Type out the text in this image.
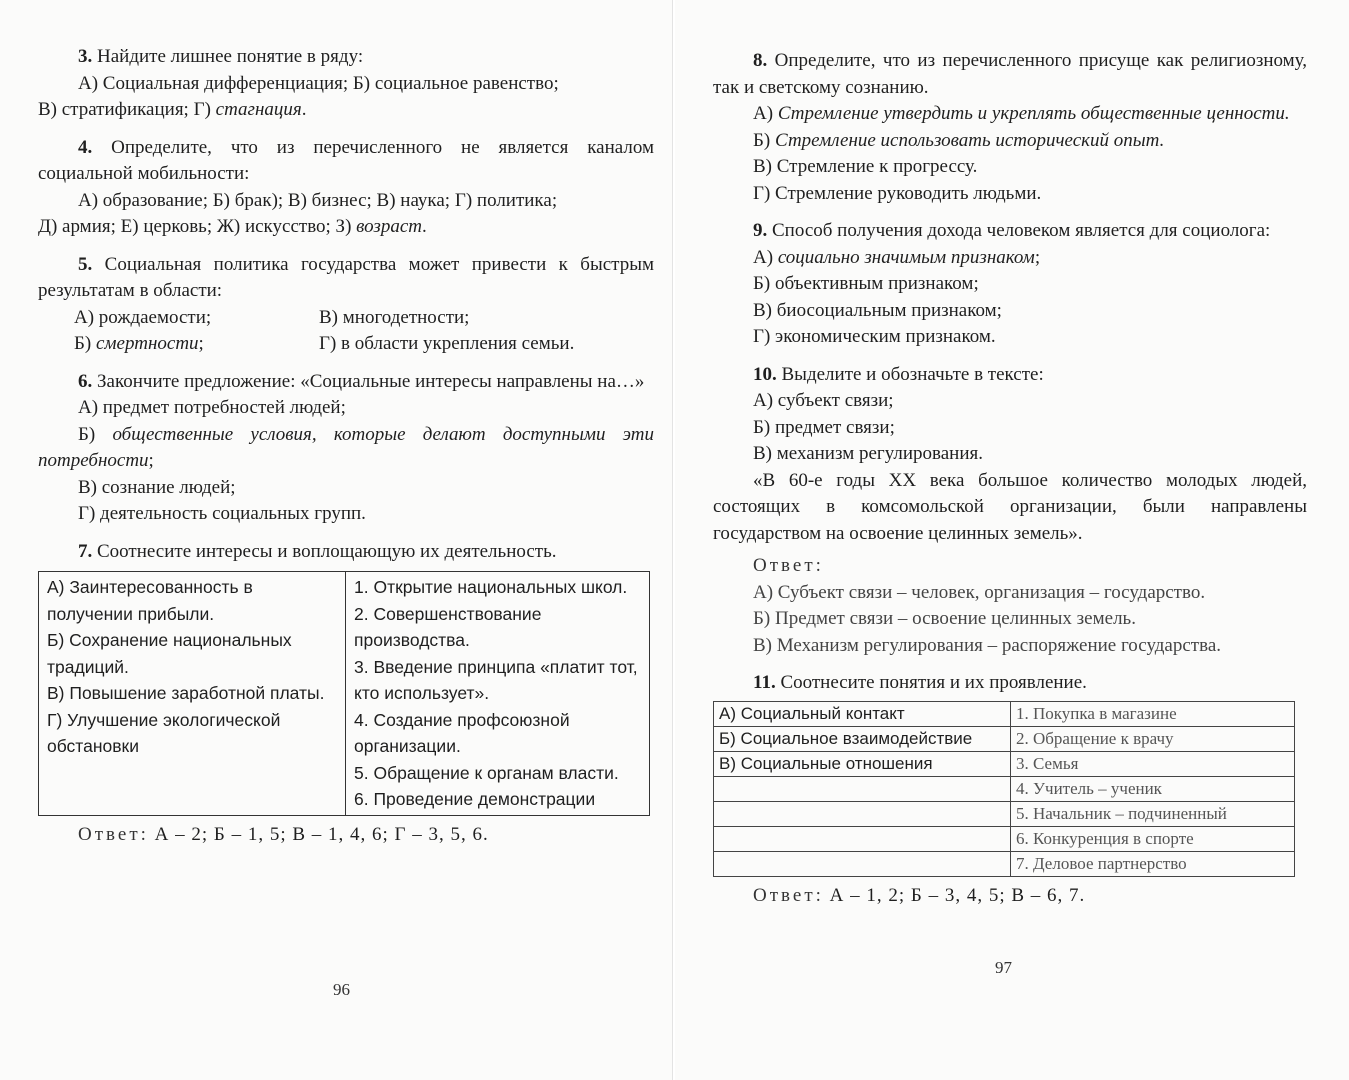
3. Найдите лишнее понятие в ряду:

А) Социальная дифференциация; Б) социальное равенство;

В) стратификация; Г) стагнация.

4. Определите, что из перечисленного не является каналом социальной мобильности:

А) образование; Б) брак); В) бизнес; В) наука; Г) политика;

Д) армия; Е) церковь; Ж) искусство; З) возраст.

5. Социальная политика государства может привести к быстрым результатам в области:

А) рождаемости;
Б) смертности;
В) многодетности;
Г) в области укрепления семьи.

6. Закончите предложение: «Социальные интересы направлены на…»

А) предмет потребностей людей;

Б) общественные условия, которые делают доступными эти потребности;

В) сознание людей;

Г) деятельность социальных групп.

7. Соотнесите интересы и воплощающую их деятельность.

А) Заинтересованность в получении прибыли.
Б) Сохранение национальных традиций.
В) Повышение заработной платы.
Г) Улучшение экологической обстановки

1. Открытие национальных школ.
2. Совершенствование производства.
3. Введение принципа «платит тот, кто использует».
4. Создание профсоюзной организации.
5. Обращение к органам власти.
6. Проведение демонстрации

Ответ: А – 2; Б – 1, 5; В – 1, 4, 6; Г – 3, 5, 6.

96

8. Определите, что из перечисленного присуще как религиозному, так и светскому сознанию.

А) Стремление утвердить и укреплять общественные ценности.

Б) Стремление использовать исторический опыт.

В) Стремление к прогрессу.

Г) Стремление руководить людьми.

9. Способ получения дохода человеком является для социолога:

А) социально значимым признаком;

Б) объективным признаком;

В) биосоциальным признаком;

Г) экономическим признаком.

10. Выделите и обозначьте в тексте:

А) субъект связи;

Б) предмет связи;

В) механизм регулирования.

«В 60-е годы XX века большое количество молодых людей, состоящих в комсомольской организации, были направлены государством на освоение целинных земель».

Ответ:

А) Субъект связи – человек, организация – государство.

Б) Предмет связи – освоение целинных земель.

В) Механизм регулирования – распоряжение государства.

11. Соотнесите понятия и их проявление.

А) Социальный контакт	1. Покупка в магазине
Б) Социальное взаимодействие	2. Обращение к врачу
В) Социальные отношения	3. Семья
	4. Учитель – ученик
	5. Начальник – подчиненный
	6. Конкуренция в спорте
	7. Деловое партнерство

Ответ: А – 1, 2; Б – 3, 4, 5; В – 6, 7.

97
